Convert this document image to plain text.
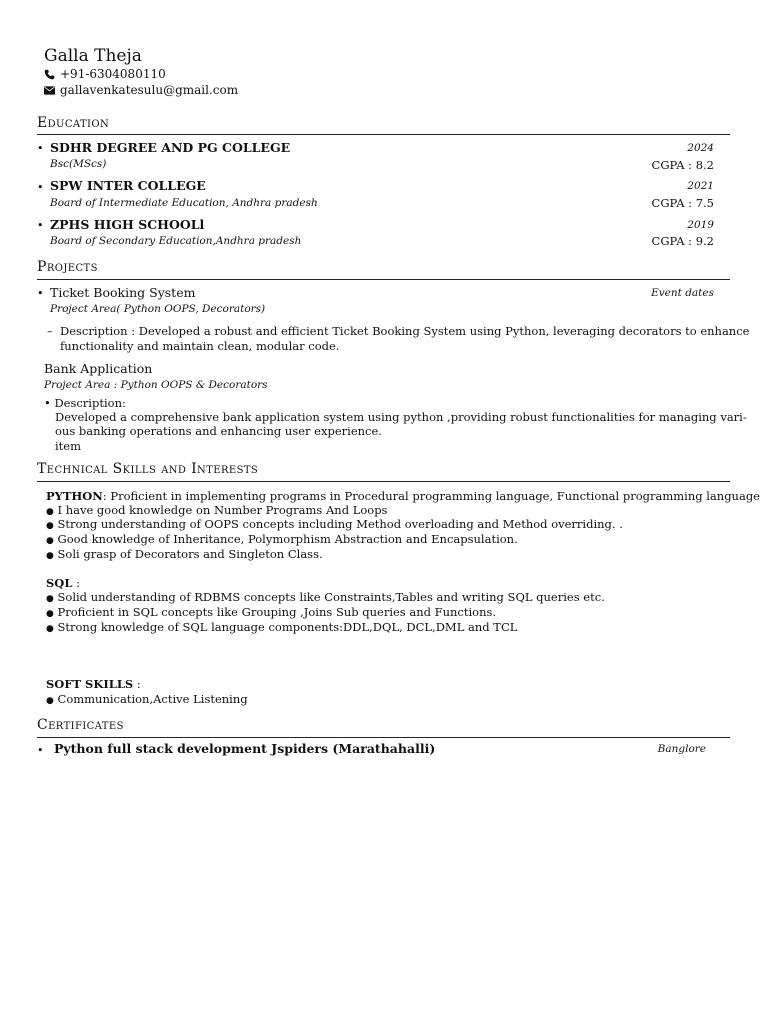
Galla Theja
+91-6304080110
gallavenkatesulu@gmail.com
Education
• SDHR DEGREE AND PG COLLEGE	2024
Bsc(MScs)	CGPA : 8.2
• SPW INTER COLLEGE	2021
Board of Intermediate Education, Andhra pradesh	CGPA : 7.5
• ZPHS HIGH SCHOOLl	2019
Board of Secondary Education,Andhra pradesh	CGPA : 9.2
Projects
• Ticket Booking System	Event dates
Project Area( Python OOPS, Decorators)
– Description : Developed a robust and efficient Ticket Booking System using Python, leveraging decorators to enhance
functionality and maintain clean, modular code.
Bank Application
Project Area : Python OOPS & Decorators
• Description:
Developed a comprehensive bank application system using python ,providing robust functionalities for managing vari-
ous banking operations and enhancing user experience.
item
Technical Skills and Interests
PYTHON: Proficient in implementing programs in Procedural programming language, Functional programming language
● I have good knowledge on Number Programs And Loops
● Strong understanding of OOPS concepts including Method overloading and Method overriding. .
● Good knowledge of Inheritance, Polymorphism Abstraction and Encapsulation.
● Soli grasp of Decorators and Singleton Class.
SQL :
● Solid understanding of RDBMS concepts like Constraints,Tables and writing SQL queries etc.
● Proficient in SQL concepts like Grouping ,Joins Sub queries and Functions.
● Strong knowledge of SQL language components:DDL,DQL, DCL,DML and TCL
SOFT SKILLS :
● Communication,Active Listening
Certificates
• Python full stack development Jspiders (Marathahalli)	Banglore
